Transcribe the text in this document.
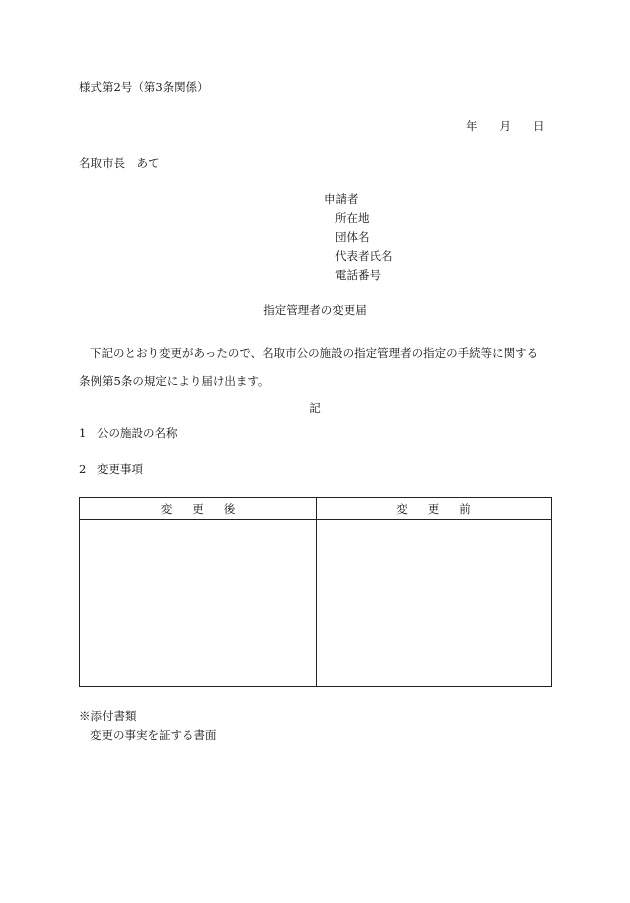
様式第2号（第3条関係）
年 月 日
名取市長　あて
申請者
所在地
団体名
代表者氏名
電話番号
指定管理者の変更届
下記のとおり変更があったので、名取市公の施設の指定管理者の指定の手続等に関する
条例第5条の規定により届け出ます。
記
1 公の施設の名称
2 変更事項
変更後	変更前
※添付書類
変更の事実を証する書面
